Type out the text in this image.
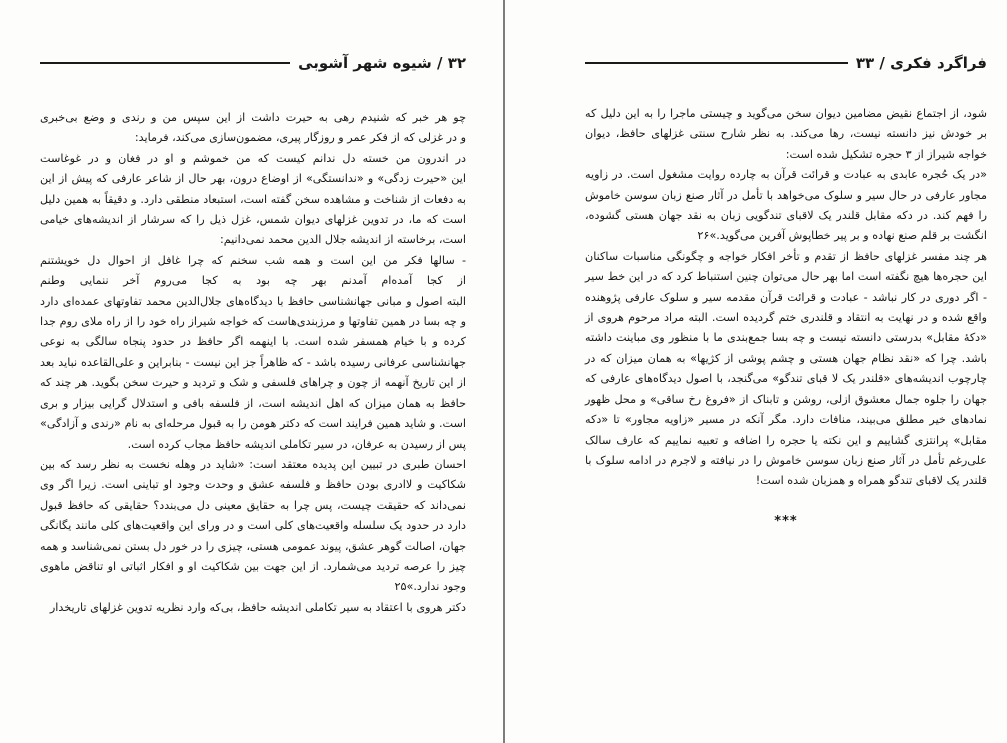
۳۲ / شیوه شهر آشوبی

چو هر خبر که شنیدم رهی به حیرت داشت از این سپس من و رندی و وضع بی‌خبری

و در غزلی که از فکر عمر و روزگار پیری، مضمون‌سازی می‌کند، فرماید:

در اندرون من خسته دل ندانم کیست که من خموشم و او در فغان و در غوغاست

این «حیرت زدگی» و «ندانستگی» از اوضاع درون، بهر حال از شاعر عارفی که پیش از این به دفعات از شناخت و مشاهده سخن گفته است، استبعاد منطقی دارد. و دقیقاً به همین دلیل است که ما، در تدوین غزلهای دیوان شمس، غزل ذیل را که سرشار از اندیشه‌های خیامی است، برخاسته از اندیشه جلال الدین محمد نمی‌دانیم:

- سالها فکر من این است و همه شب سخنم که چرا غافل از احوال دل خویشتنم

از کجا آمده‌ام آمدنم بهر چه بود به کجا می‌روم آخر ننمایی وطنم

البته اصول و مبانی جهانشناسی حافظ با دیدگاه‌های جلال‌الدین محمد تفاوتهای عمده‌ای دارد و چه بسا در همین تفاوتها و مرزبندی‌هاست که خواجه شیراز راه خود را از راه ملای روم جدا کرده و با خیام همسفر شده است. با اینهمه اگر حافظ در حدود پنجاه سالگی به نوعی جهانشناسی عرفانی رسیده باشد - که ظاهراً جز این نیست - بنابراین و علی‌القاعده نباید بعد از این تاریخ آنهمه از چون و چراهای فلسفی و شک و تردید و حیرت سخن بگوید. هر چند که حافظ به همان میزان که اهل اندیشه است، از فلسفه بافی و استدلال گرایی بیزار و بری است. و شاید همین فرایند است که دکتر هومن را به قبول مرحله‌ای به نام «رندی و آزادگی» پس از رسیدن به عرفان، در سیر تکاملی اندیشه حافظ مجاب کرده است.

احسان طبری در تبیین این پدیده معتقد است: «شاید در وهله نخست به نظر رسد که بین شکاکیت و لاادری بودن حافظ و فلسفه عشق و وحدت وجود او تباینی است. زیرا اگر وی نمی‌داند که حقیقت چیست، پس چرا به حقایق معینی دل می‌بندد؟ حقایقی که حافظ قبول دارد در حدود یک سلسله واقعیت‌های کلی است و در ورای این واقعیت‌های کلی مانند یگانگی جهان، اصالت گوهر عشق، پیوند عمومی هستی، چیزی را در خور دل بستن نمی‌شناسد و همه چیز را عرصه تردید می‌شمارد. از این جهت بین شکاکیت او و افکار اثباتی او تناقض ماهوی وجود ندارد.»۲۵

دکتر هروی با اعتقاد به سیر تکاملی اندیشه حافظ، بی‌که وارد نظریه تدوین غزلهای تاریخدار

فراگرد فکری / ۳۳

شود، از اجتماع نقیض مضامین دیوان سخن می‌گوید و چیستی ماجرا را به این دلیل که بر خودش نیز دانسته نیست، رها می‌کند. به نظر شارح سنتی غزلهای حافظ، دیوان خواجه شیراز از ۳ حجره تشکیل شده است:

«در یک حُجره عابدی به عبادت و قرائت قرآن به چارده روایت مشغول است. در زاویه مجاور عارفی در حال سیر و سلوک می‌خواهد با تأمل در آثار صنع زبان سوسن خاموش را فهم کند. در دکه مقابل قلندر یک لاقبای تندگویی زبان به نقد جهان هستی گشوده، انگشت بر قلم صنع نهاده و بر پیر خطاپوش آفرین می‌گوید.»۲۶

هر چند مفسر غزلهای حافظ از تقدم و تأخر افکار خواجه و چگونگی مناسبات ساکنان این حجره‌ها هیچ نگفته است اما بهر حال می‌توان چنین استنباط کرد که در این خط سیر - اگر دوری در کار نباشد - عبادت و قرائت قرآن مقدمه سیر و سلوک عارفی پژوهنده واقع شده و در نهایت به انتقاد و قلندری ختم گردیده است. البته مراد مرحوم هروی از «دکهٔ مقابل» بدرستی دانسته نیست و چه بسا جمع‌بندی ما با منظور وی مباینت داشته باشد. چرا که «نقد نظام جهان هستی و چشم پوشی از کژیها» به همان میزان که در چارچوب اندیشه‌های «قلندر یک لا قبای تندگو» می‌گنجد، با اصول دیدگاه‌های عارفی که جهان را جلوه جمال معشوق ازلی، روشن و تابناک از «فروغ رخ ساقی» و محل ظهور نمادهای خیر مطلق می‌بیند، منافات دارد. مگر آنکه در مسیر «زاویه مجاور» تا «دکه مقابل» پرانتزی گشاییم و این نکته یا حجره را اضافه و تعبیه نماییم که عارف سالک علی‌رغم تأمل در آثار صنع زبان سوسن خاموش را در نیافته و لاجرم در ادامه سلوک با قلندر یک لاقبای تندگو همراه و همزبان شده است!

***
